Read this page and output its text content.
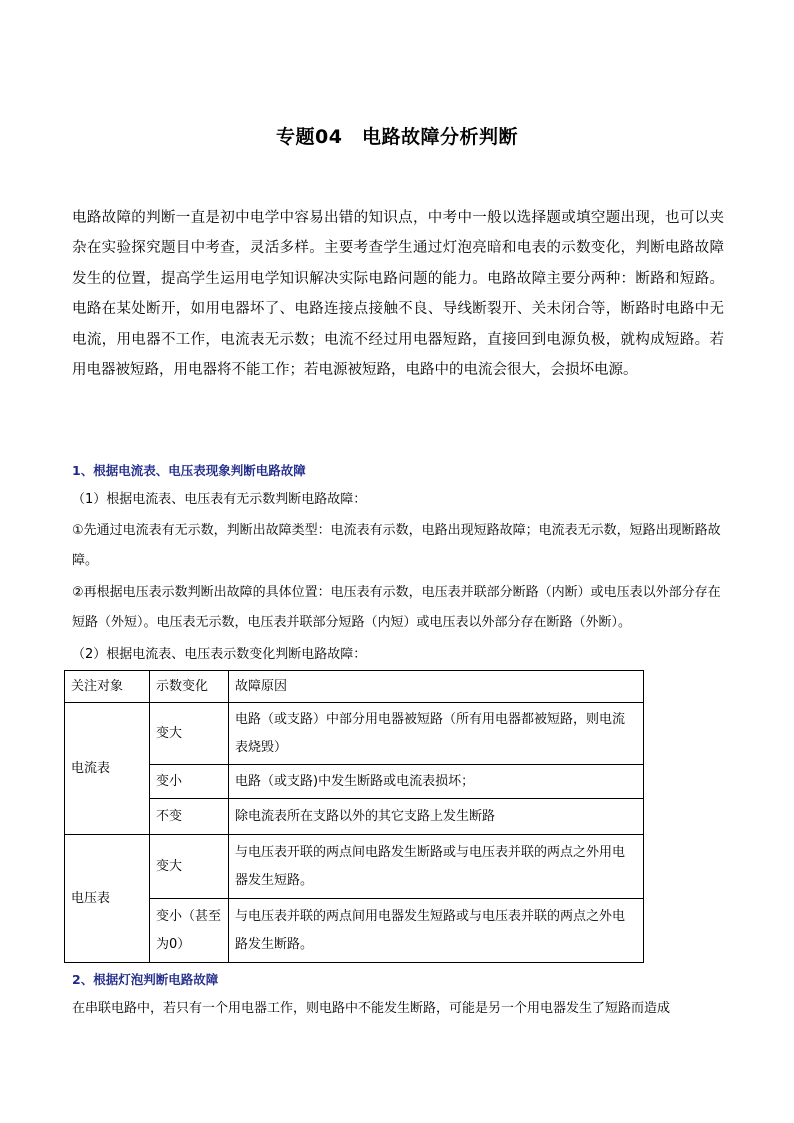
专题04　电路故障分析判断

电路故障的判断一直是初中电学中容易出错的知识点，中考中一般以选择题或填空题出现，也可以夹杂在实验探究题目中考查，灵活多样。主要考查学生通过灯泡亮暗和电表的示数变化，判断电路故障发生的位置，提高学生运用电学知识解决实际电路问题的能力。电路故障主要分两种：断路和短路。电路在某处断开，如用电器坏了、电路连接点接触不良、导线断裂开、关未闭合等，断路时电路中无电流，用电器不工作，电流表无示数；电流不经过用电器短路，直接回到电源负极，就构成短路。若用电器被短路，用电器将不能工作；若电源被短路，电路中的电流会很大，会损坏电源。

1、根据电流表、电压表现象判断电路故障

（1）根据电流表、电压表有无示数判断电路故障：

①先通过电流表有无示数，判断出故障类型：电流表有示数，电路出现短路故障；电流表无示数，短路出现断路故障。

②再根据电压表示数判断出故障的具体位置：电压表有示数，电压表并联部分断路（内断）或电压表以外部分存在短路（外短）。电压表无示数，电压表并联部分短路（内短）或电压表以外部分存在断路（外断）。

（2）根据电流表、电压表示数变化判断电路故障：

关注对象	示数变化	故障原因
电流表	变大	电路（或支路）中部分用电器被短路（所有用电器都被短路，则电流表烧毁）
	变小	电路（或支路)中发生断路或电流表损坏；
	不变	除电流表所在支路以外的其它支路上发生断路
电压表	变大	与电压表开联的两点间电路发生断路或与电压表并联的两点之外用电器发生短路。
	变小（甚至为0）	与电压表并联的两点间用电器发生短路或与电压表并联的两点之外电路发生断路。
2、根据灯泡判断电路故障

在串联电路中，若只有一个用电器工作，则电路中不能发生断路，可能是另一个用电器发生了短路而造成
